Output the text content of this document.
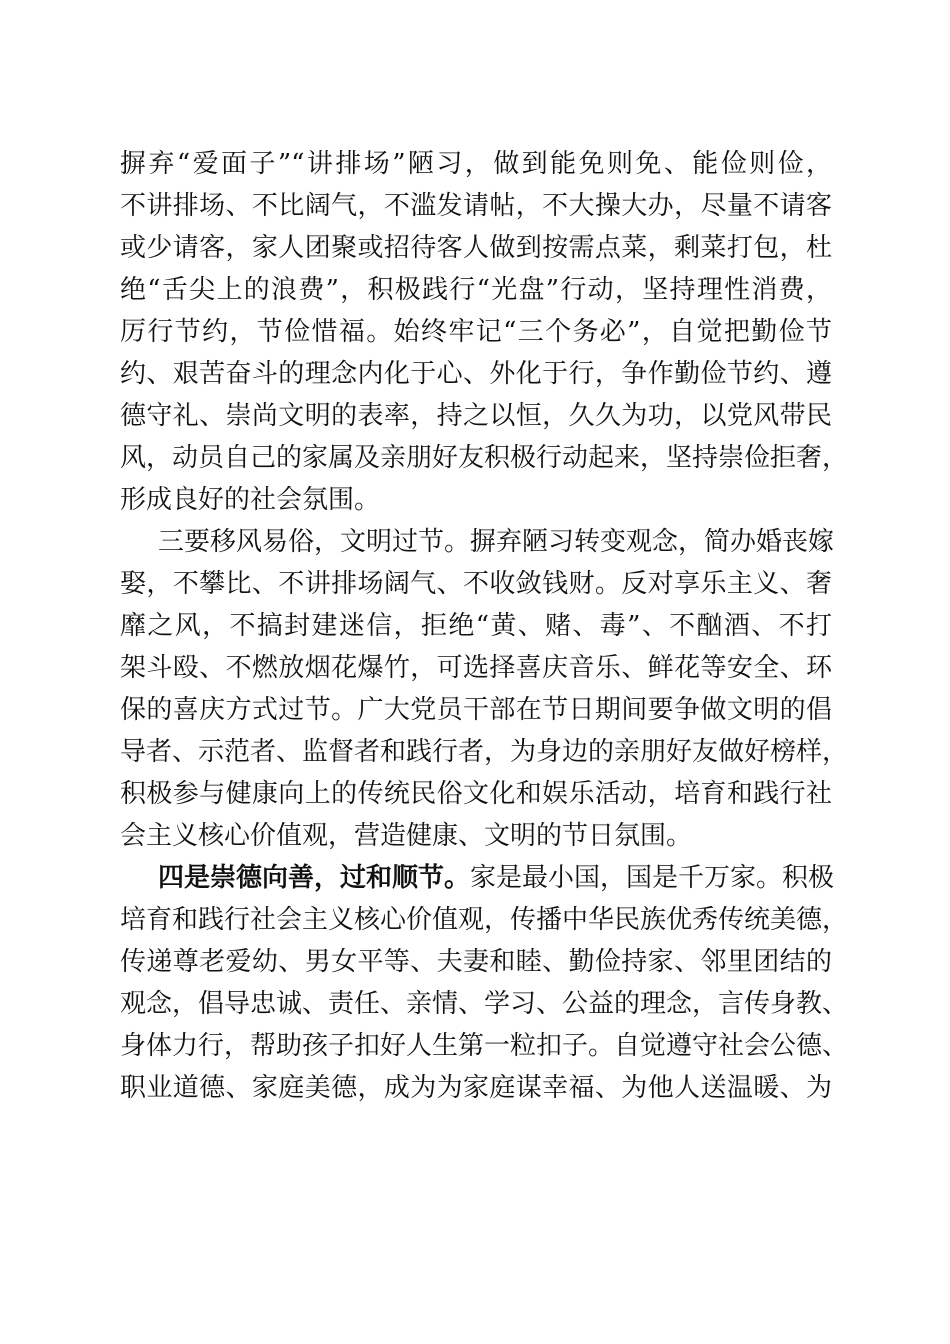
摒弃“爱面子”“讲排场”陋习，做到能免则免、能俭则俭，
不讲排场、不比阔气，不滥发请帖，不大操大办，尽量不请客
或少请客，家人团聚或招待客人做到按需点菜，剩菜打包，杜
绝“舌尖上的浪费”，积极践行“光盘”行动，坚持理性消费，
厉行节约，节俭惜福。始终牢记“三个务必”，自觉把勤俭节
约、艰苦奋斗的理念内化于心、外化于行，争作勤俭节约、遵
德守礼、崇尚文明的表率，持之以恒，久久为功，以党风带民
风，动员自己的家属及亲朋好友积极行动起来，坚持崇俭拒奢，
形成良好的社会氛围。
三要移风易俗，文明过节。摒弃陋习转变观念，简办婚丧嫁
娶，不攀比、不讲排场阔气、不收敛钱财。反对享乐主义、奢
靡之风，不搞封建迷信，拒绝“黄、赌、毒”、不酗酒、不打
架斗殴、不燃放烟花爆竹，可选择喜庆音乐、鲜花等安全、环
保的喜庆方式过节。广大党员干部在节日期间要争做文明的倡
导者、示范者、监督者和践行者，为身边的亲朋好友做好榜样，
积极参与健康向上的传统民俗文化和娱乐活动，培育和践行社
会主义核心价值观，营造健康、文明的节日氛围。
四是崇德向善，过和顺节。家是最小国，国是千万家。积极
培育和践行社会主义核心价值观，传播中华民族优秀传统美德，
传递尊老爱幼、男女平等、夫妻和睦、勤俭持家、邻里团结的
观念，倡导忠诚、责任、亲情、学习、公益的理念，言传身教、
身体力行，帮助孩子扣好人生第一粒扣子。自觉遵守社会公德、
职业道德、家庭美德，成为为家庭谋幸福、为他人送温暖、为
